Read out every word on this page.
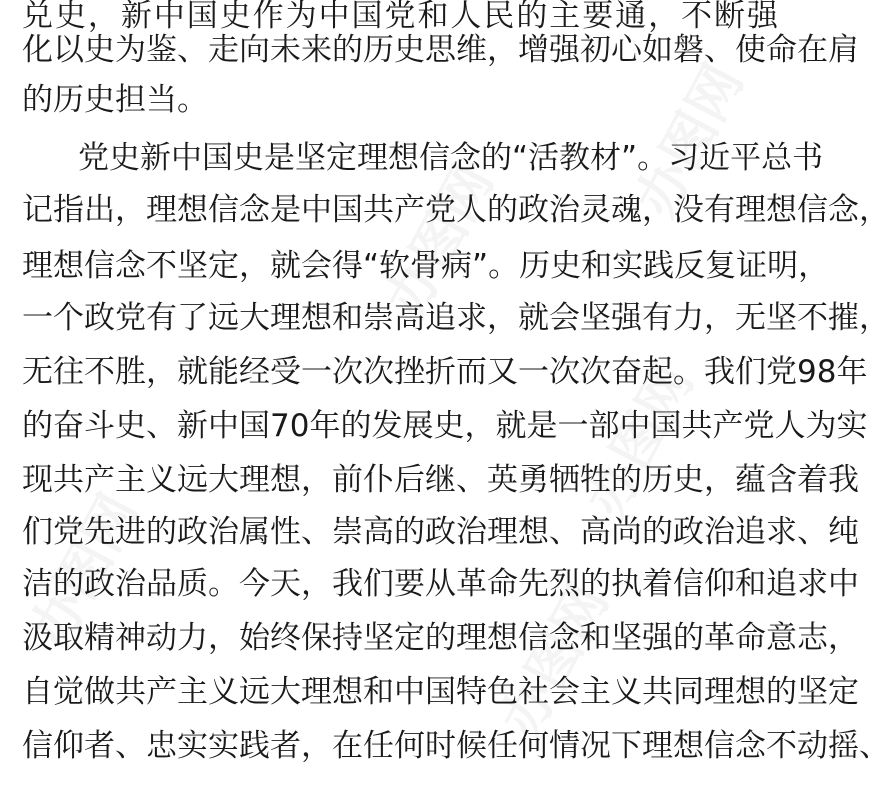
办图网
办图网
办图网
办图网
办图网
兑史，新中国史作为中国党和人民的主要通，不断强
化以史为鉴、走向未来的历史思维，增强初心如磐、使命在肩
的历史担当。
党史新中国史是坚定理想信念的“活教材”。习近平总书
记指出，理想信念是中国共产党人的政治灵魂，没有理想信念，
理想信念不坚定，就会得“软骨病”。历史和实践反复证明，
一个政党有了远大理想和崇高追求，就会坚强有力，无坚不摧，
无往不胜，就能经受一次次挫折而又一次次奋起。我们党98年
的奋斗史、新中国70年的发展史，就是一部中国共产党人为实
现共产主义远大理想，前仆后继、英勇牺牲的历史，蕴含着我
们党先进的政治属性、崇高的政治理想、高尚的政治追求、纯
洁的政治品质。今天，我们要从革命先烈的执着信仰和追求中
汲取精神动力，始终保持坚定的理想信念和坚强的革命意志，
自觉做共产主义远大理想和中国特色社会主义共同理想的坚定
信仰者、忠实实践者，在任何时候任何情况下理想信念不动摇、
